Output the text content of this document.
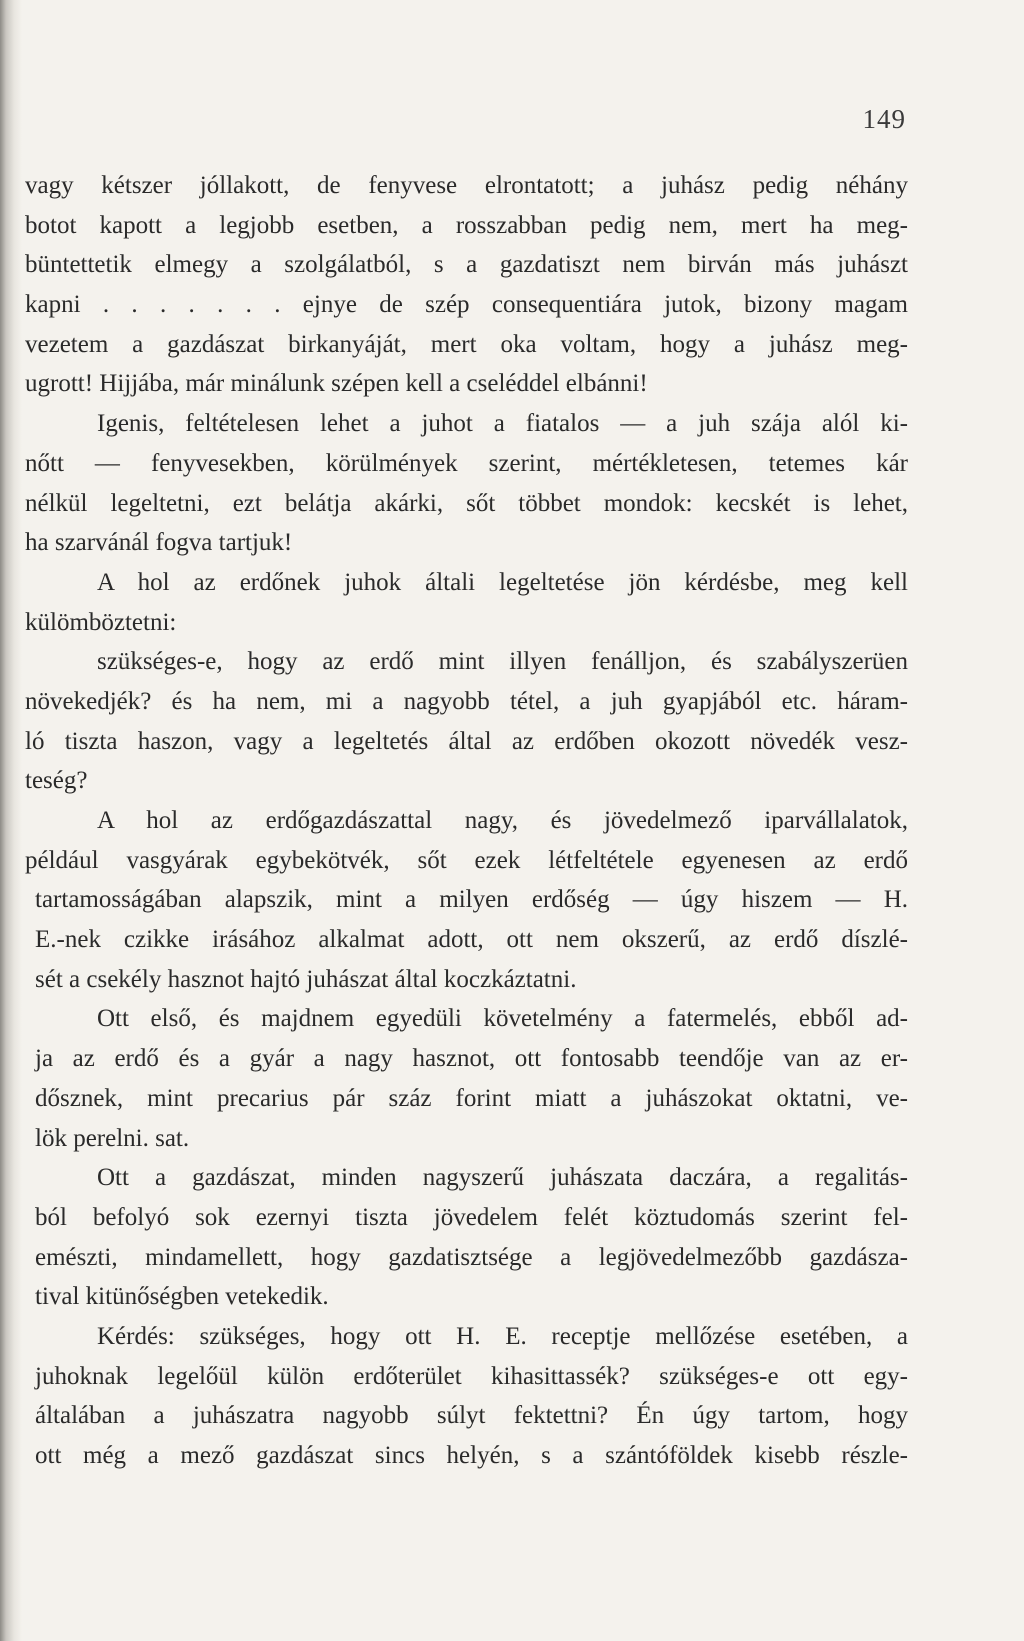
149
vagy kétszer jóllakott, de fenyvese elrontatott; a juhász pedig néhány
botot kapott a legjobb esetben, a rosszabban pedig nem, mert ha meg-
büntettetik elmegy a szolgálatból, s a gazdatiszt nem birván más juhászt
kapni . . . . . . . ejnye de szép consequentiára jutok, bizony magam
vezetem a gazdászat birkanyáját, mert oka voltam, hogy a juhász meg-
ugrott! Hijjába, már minálunk szépen kell a cseléddel elbánni!
Igenis, feltételesen lehet a juhot a fiatalos — a juh szája alól ki-
nőtt — fenyvesekben, körülmények szerint, mértékletesen, tetemes kár
nélkül legeltetni, ezt belátja akárki, sőt többet mondok: kecskét is lehet,
ha szarvánál fogva tartjuk!
A hol az erdőnek juhok általi legeltetése jön kérdésbe, meg kell
külömböztetni:
szükséges-e, hogy az erdő mint illyen fenálljon, és szabályszerüen
növekedjék? és ha nem, mi a nagyobb tétel, a juh gyapjából etc. háram-
ló tiszta haszon, vagy a legeltetés által az erdőben okozott növedék vesz-
teség?
A hol az erdőgazdászattal nagy, és jövedelmező iparvállalatok,
például vasgyárak egybekötvék, sőt ezek létfeltétele egyenesen az erdő
tartamosságában alapszik, mint a milyen erdőség — úgy hiszem — H.
E.-nek czikke irásához alkalmat adott, ott nem okszerű, az erdő díszlé-
sét a csekély hasznot hajtó juhászat által koczkáztatni.
Ott első, és majdnem egyedüli követelmény a fatermelés, ebből ad-
ja az erdő és a gyár a nagy hasznot, ott fontosabb teendője van az er-
dősznek, mint precarius pár száz forint miatt a juhászokat oktatni, ve-
lök perelni. sat.
Ott a gazdászat, minden nagyszerű juhászata daczára, a regalitás-
ból befolyó sok ezernyi tiszta jövedelem felét köztudomás szerint fel-
emészti, mindamellett, hogy gazdatisztsége a legjövedelmezőbb gazdásza-
tival kitünőségben vetekedik.
Kérdés: szükséges, hogy ott H. E. receptje mellőzése esetében, a
juhoknak legelőül külön erdőterület kihasittassék? szükséges-e ott egy-
általában a juhászatra nagyobb súlyt fektettni? Én úgy tartom, hogy
ott még a mező gazdászat sincs helyén, s a szántóföldek kisebb részle-
